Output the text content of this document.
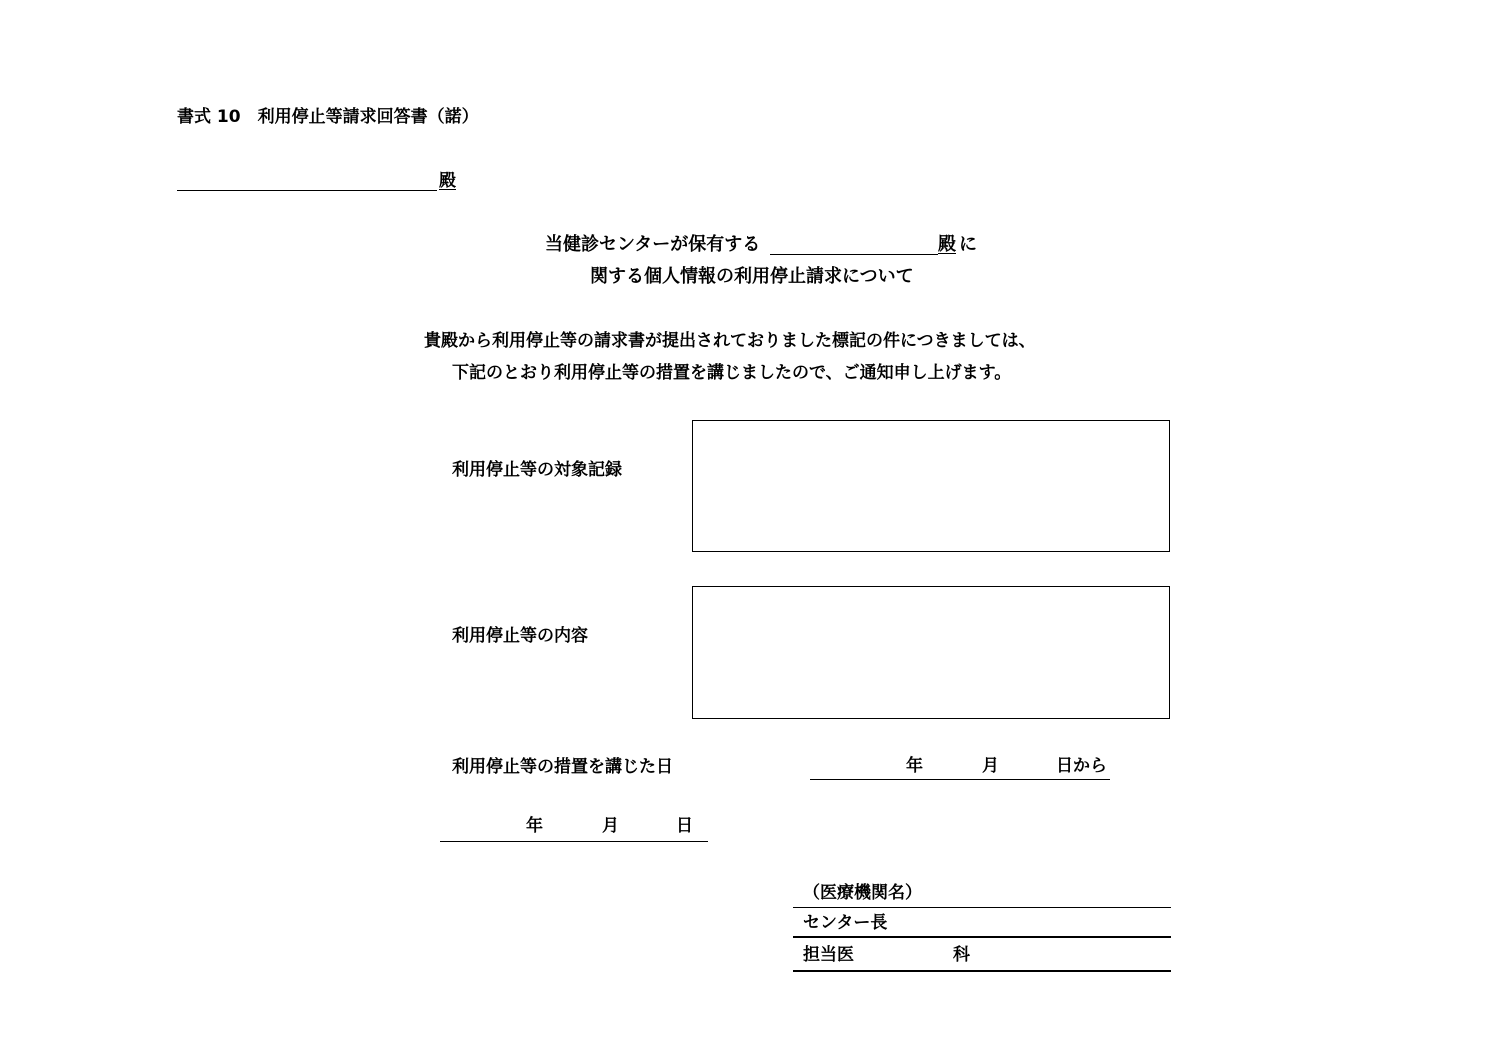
書式 10　利用停止等請求回答書（諾）
殿
当健診センターが保有する	殿 に
関する個人情報の利用停止請求について
貴殿から利用停止等の請求書が提出されておりました標記の件につきましては、
下記のとおり利用停止等の措置を講じましたので、ご通知申し上げます。
利用停止等の対象記録
利用停止等の内容
利用停止等の措置を講じた日	年	月	日から
年	月	日
（医療機関名）
センター長
担当医	科
